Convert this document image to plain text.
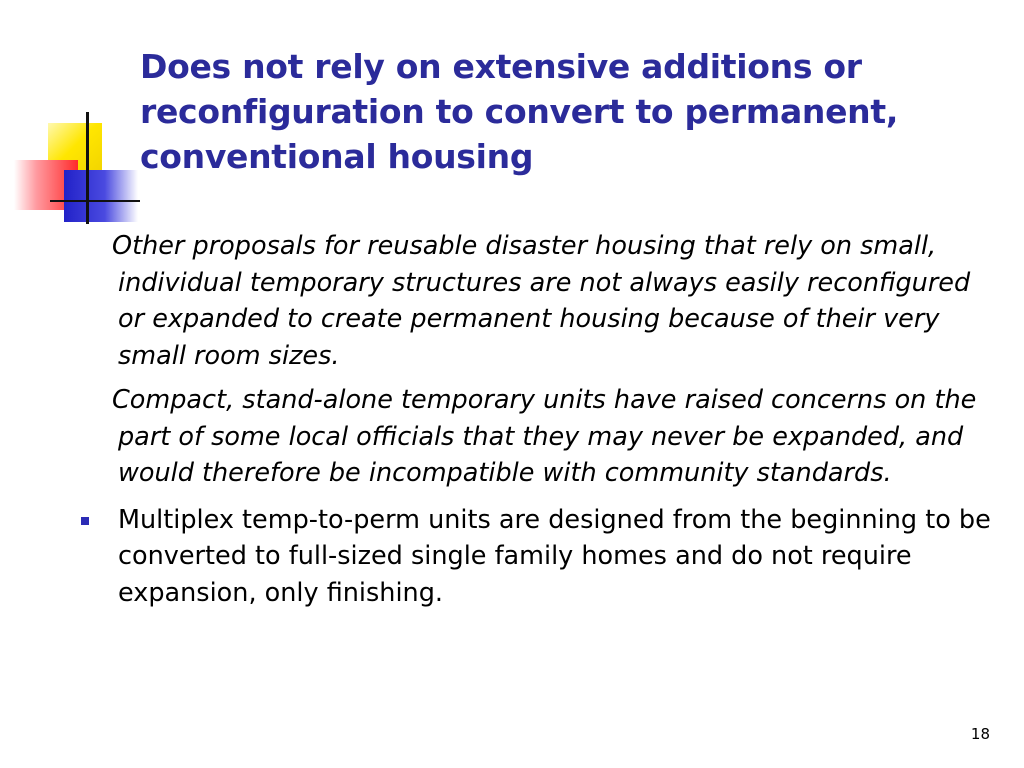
Does not rely on extensive additions or reconfiguration to convert to permanent, conventional housing

Other proposals for reusable disaster housing that rely on small, individual temporary structures are not always easily reconfigured or expanded to create permanent housing because of their very small room sizes.

Compact, stand-alone temporary units have raised concerns on the part of some local officials that they may never be expanded, and would therefore be incompatible with community standards.

Multiplex temp-to-perm units are designed from the beginning to be converted to full-sized single family homes and do not require expansion, only finishing.

18
